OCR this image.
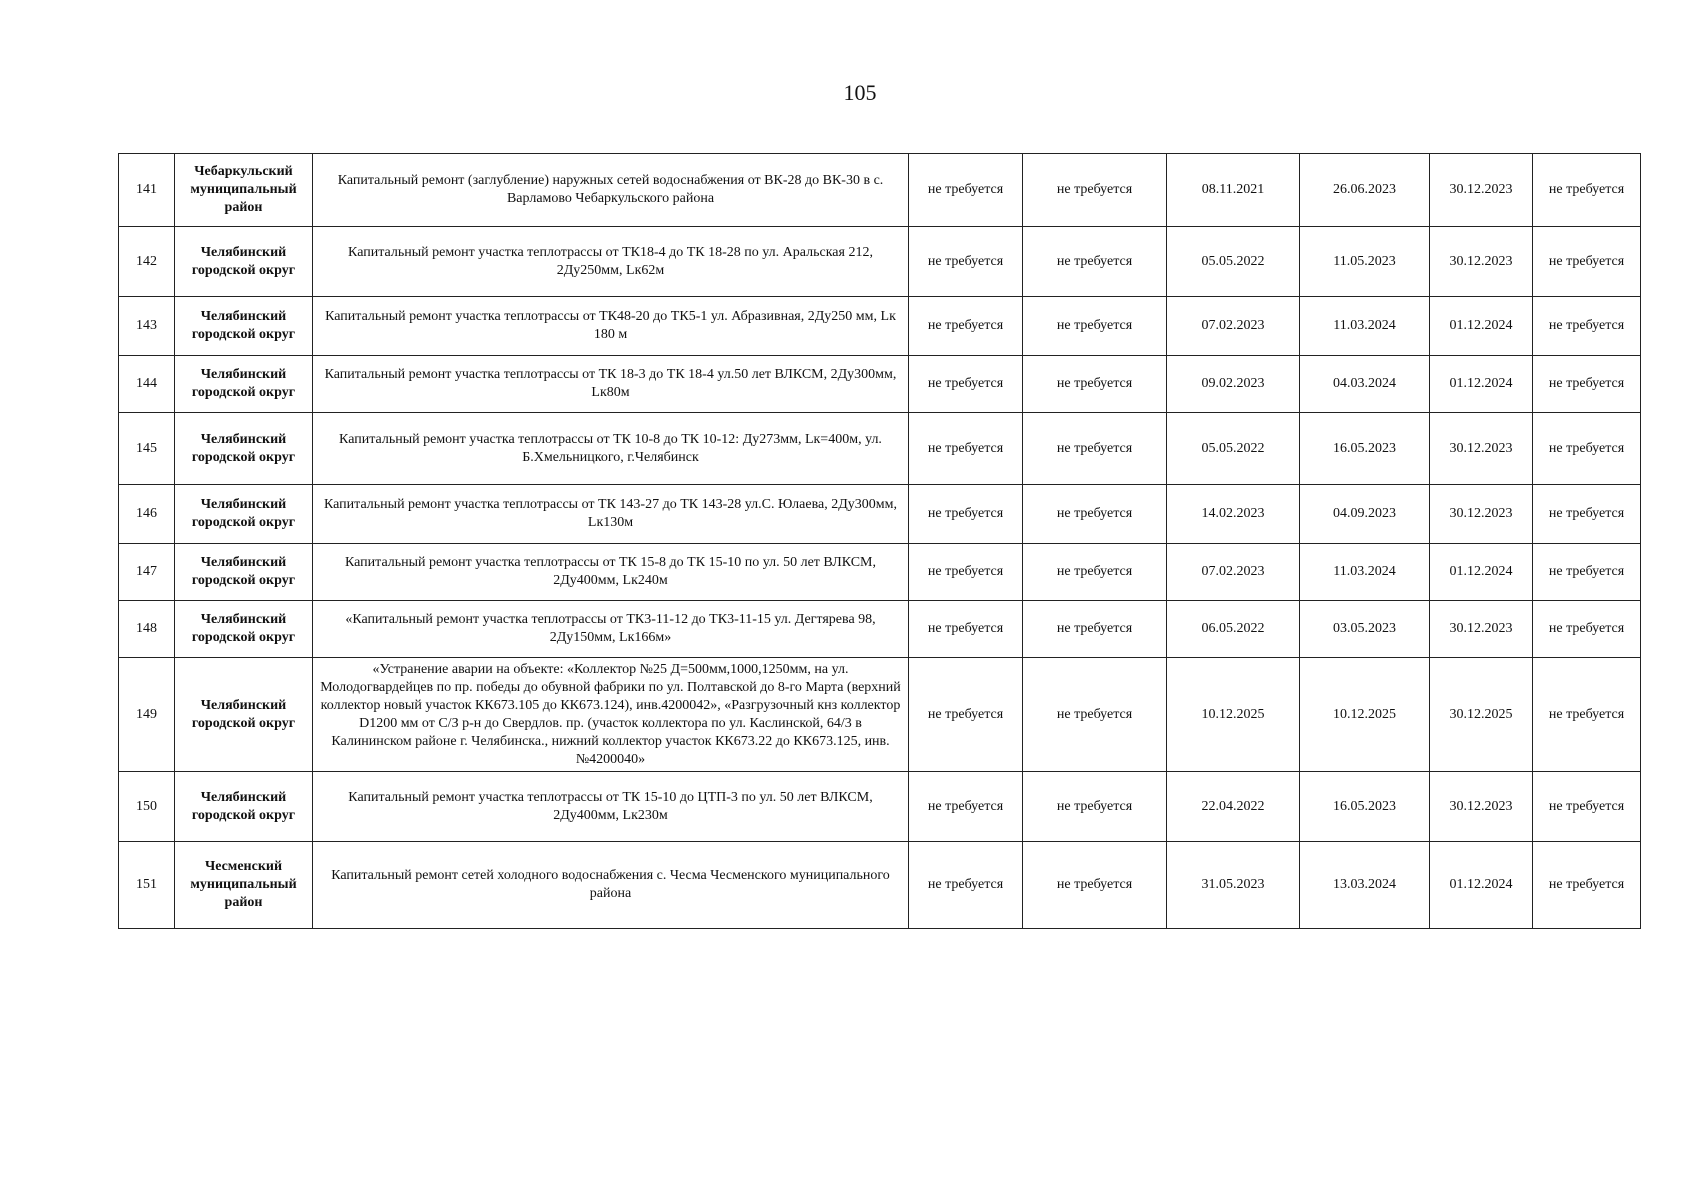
105
141	Чебаркульский муниципальный район	Капитальный ремонт (заглубление) наружных сетей водоснабжения от ВК-28 до ВК-30 в с. Варламово Чебаркульского района	не требуется	не требуется	08.11.2021	26.06.2023	30.12.2023	не требуется
142	Челябинский городской округ	Капитальный ремонт участка теплотрассы от ТК18-4 до ТК 18-28 по ул. Аральская 212, 2Ду250мм, Lк62м	не требуется	не требуется	05.05.2022	11.05.2023	30.12.2023	не требуется
143	Челябинский городской округ	Капитальный ремонт участка теплотрассы от ТК48-20 до ТК5-1 ул. Абразивная, 2Ду250 мм, Lк 180 м	не требуется	не требуется	07.02.2023	11.03.2024	01.12.2024	не требуется
144	Челябинский городской округ	Капитальный ремонт участка теплотрассы от ТК 18-3 до ТК 18-4 ул.50 лет ВЛКСМ, 2Ду300мм, Lк80м	не требуется	не требуется	09.02.2023	04.03.2024	01.12.2024	не требуется
145	Челябинский городской округ	Капитальный ремонт участка теплотрассы от ТК 10-8 до ТК 10-12: Ду273мм, Lк=400м, ул. Б.Хмельницкого, г.Челябинск	не требуется	не требуется	05.05.2022	16.05.2023	30.12.2023	не требуется
146	Челябинский городской округ	Капитальный ремонт участка теплотрассы от ТК 143-27 до ТК 143-28 ул.С. Юлаева, 2Ду300мм, Lк130м	не требуется	не требуется	14.02.2023	04.09.2023	30.12.2023	не требуется
147	Челябинский городской округ	Капитальный ремонт участка теплотрассы от ТК 15-8 до ТК 15-10 по ул. 50 лет ВЛКСМ, 2Ду400мм, Lк240м	не требуется	не требуется	07.02.2023	11.03.2024	01.12.2024	не требуется
148	Челябинский городской округ	«Капитальный ремонт участка теплотрассы от ТК3-11-12 до ТК3-11-15 ул. Дегтярева 98, 2Ду150мм, Lк166м»	не требуется	не требуется	06.05.2022	03.05.2023	30.12.2023	не требуется
149	Челябинский городской округ	«Устранение аварии на объекте: «Коллектор №25 Д=500мм,1000,1250мм, на ул. Молодогвардейцев по пр. победы до обувной фабрики по ул. Полтавской до 8-го Марта (верхний коллектор новый участок КК673.105 до КК673.124), инв.4200042», «Разгрузочный кнз коллектор D1200 мм от С/З р-н до Свердлов. пр. (участок коллектора по ул. Каслинской, 64/3 в Калининском районе г. Челябинска., нижний коллектор участок КК673.22 до КК673.125, инв.№4200040»	не требуется	не требуется	10.12.2025	10.12.2025	30.12.2025	не требуется
150	Челябинский городской округ	Капитальный ремонт участка теплотрассы от ТК 15-10 до ЦТП-3 по ул. 50 лет ВЛКСМ, 2Ду400мм, Lк230м	не требуется	не требуется	22.04.2022	16.05.2023	30.12.2023	не требуется
151	Чесменский муниципальный район	Капитальный ремонт сетей холодного водоснабжения с. Чесма Чесменского муниципального района	не требуется	не требуется	31.05.2023	13.03.2024	01.12.2024	не требуется
